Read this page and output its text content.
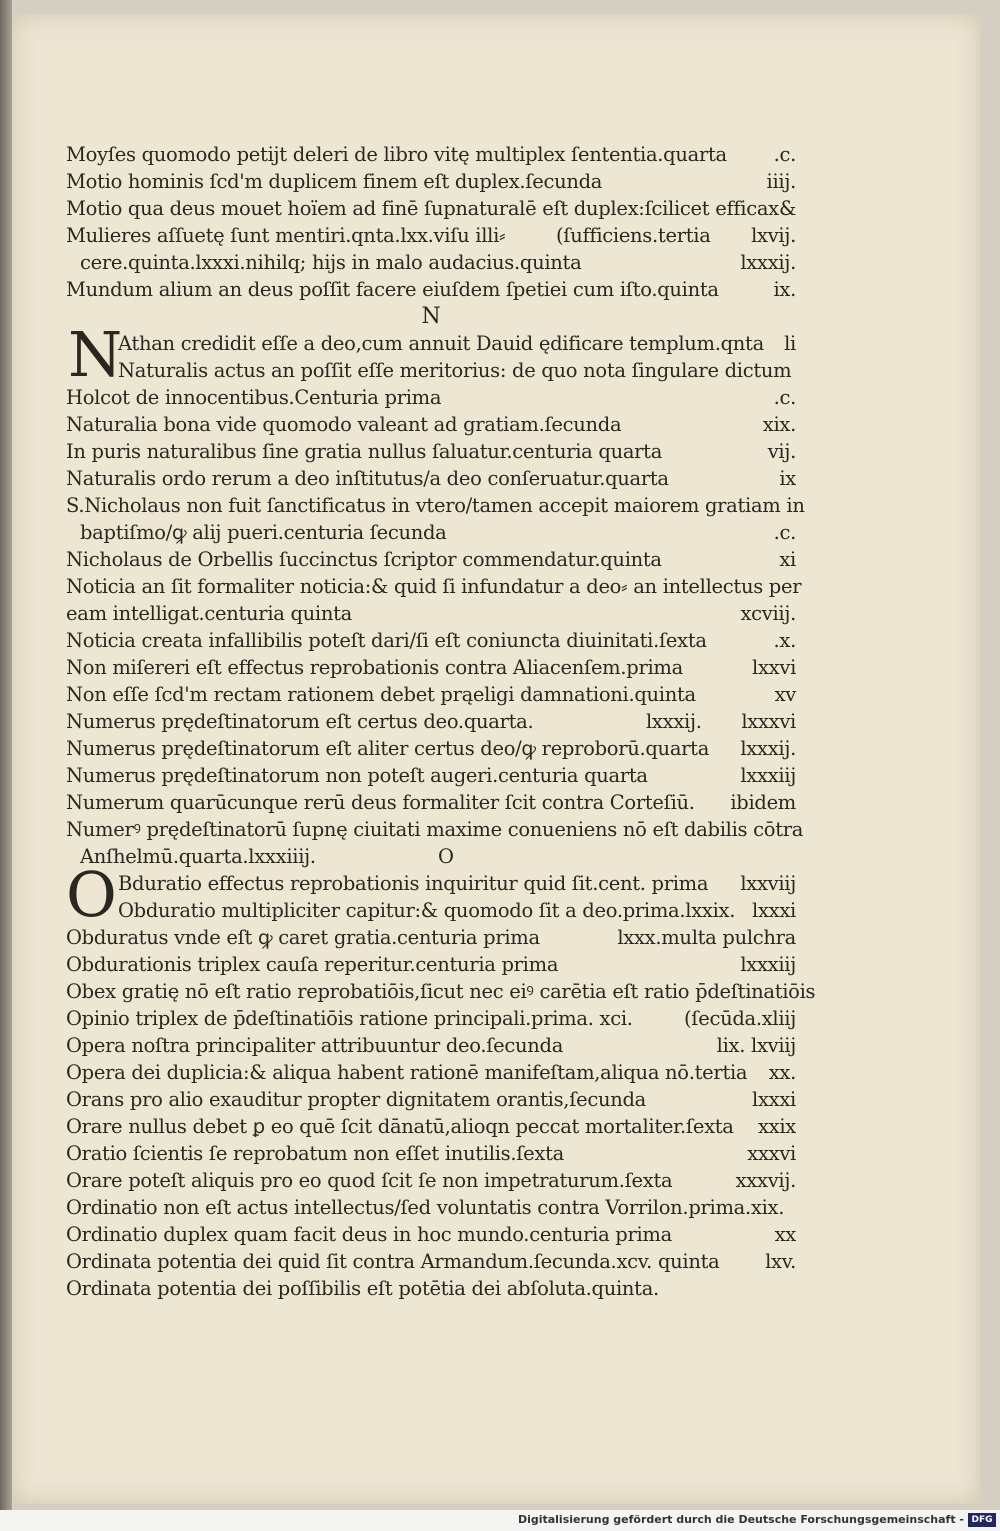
Moyſes quomodo petijt deleri de libro vitę multiplex ſententia.quarta .c.
Motio hominis ſcd'm duplicem finem eſt duplex.ſecunda	iiij.
Motio qua deus mouet hoïem ad finē ſupnaturalē eſt duplex:ſcilicet efficax &
Mulieres aſſuetę ſunt mentiri.qnta.lxx.viſu illi⸗	(ſufficiens.tertia lxvij.
cere.quinta.lxxxi.nihilq; hijs in malo audacius.quinta	lxxxij.
Mundum alium an deus poſſit facere eiuſdem ſpetiei cum iſto.quinta	ix.
N
Athan credidit eſſe a deo,cum annuit Dauid ędificare templum.qnta li
N
Naturalis actus an poſſit eſſe meritorius: de quo nota ſingulare dictum
Holcot de innocentibus.Centuria prima	.c.
Naturalia bona vide quomodo valeant ad gratiam.ſecunda	xix.
In puris naturalibus ſine gratia nullus ſaluatur.centuria quarta	vij.
Naturalis ordo rerum a deo inſtitutus/a deo conſeruatur.quarta	ix
S.Nicholaus non fuit ſanctificatus in vtero/tamen accepit maiorem gratiam in
baptiſmo/ꝙ alij pueri.centuria ſecunda	.c.
Nicholaus de Orbellis ſuccinctus ſcriptor commendatur.quinta	xi
Noticia an ſit formaliter noticia:& quid ſi infundatur a deo⸗ an intellectus per
eam intelligat.centuria quinta	xcviij.
Noticia creata infallibilis poteſt dari/ſi eſt coniuncta diuinitati.ſexta	.x.
Non miſereri eſt effectus reprobationis contra Aliacenſem.prima	lxxvi
Non eſſe ſcd'm rectam rationem debet prąeligi damnationi.quinta	xv
Numerus prędeſtinatorum eſt certus deo.quarta.	lxxxij. lxxxvi
Numerus prędeſtinatorum eſt aliter certus deo/ꝙ reproborū.quarta lxxxij.
Numerus prędeſtinatorum non poteſt augeri.centuria quarta	lxxxiij
Numerum quarūcunque rerū deus formaliter ſcit contra Corteſiū. ibidem
Numerꝰ prędeſtinatorū ſupnę ciuitati maxime conueniens nō eſt dabilis cōtra
Anſhelmū.quarta.lxxxiiij.	O
Bduratio effectus reprobationis inquiritur quid ſit.cent. prima lxxviij
O Obduratio multipliciter capitur:& quomodo ſit a deo.prima.lxxix. lxxxi
Obduratus vnde eſt ꝙ caret gratia.centuria prima	lxxx.multa pulchra
Obdurationis triplex cauſa reperitur.centuria prima	lxxxiij
Obex gratię nō eſt ratio reprobatiōis,ſicut nec eiꝰ carētia eſt ratio p̄deſtinatiōis
Opinio triplex de p̄deſtinatiōis ratione principali.prima. xci.	(ſecūda.xliij
Opera noſtra principaliter attribuuntur deo.ſecunda	lix. lxviij
Opera dei duplicia:& aliqua habent rationē manifeſtam,aliqua nō.tertia xx.
Orans pro alio exauditur propter dignitatem orantis,ſecunda	lxxxi
Orare nullus debet ꝑ eo quē ſcit dānatū,alioqn peccat mortaliter.ſexta xxix
Oratio ſcientis ſe reprobatum non eſſet inutilis.ſexta	xxxvi
Orare poteſt aliquis pro eo quod ſcit ſe non impetraturum.ſexta	xxxvij.
Ordinatio non eſt actus intellectus/ſed voluntatis contra Vorrilon.prima.xix.
Ordinatio duplex quam facit deus in hoc mundo.centuria prima	xx
Ordinata potentia dei quid ſit contra Armandum.ſecunda.xcv. quinta lxv.
Ordinata potentia dei poſſibilis eſt potētia dei abſoluta.quinta.
Digitalisierung gefördert durch die Deutsche Forschungsgemeinschaft - DFG
